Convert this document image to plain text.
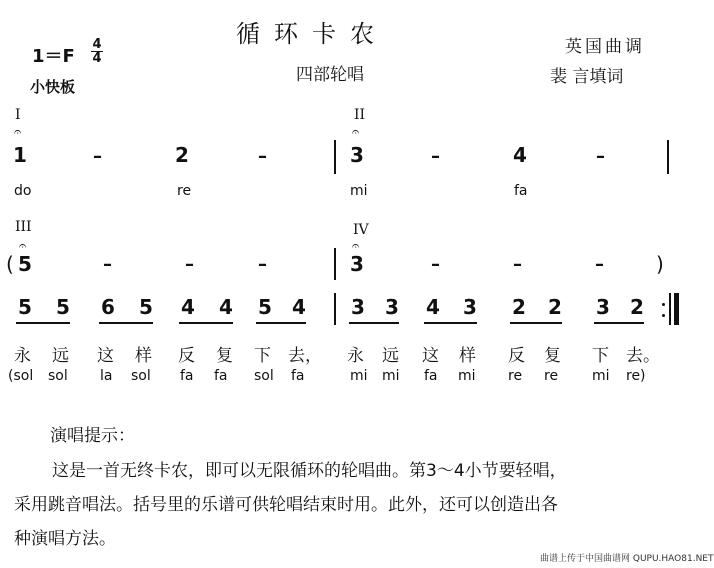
循环卡农
四部轮唱
英国曲调
裴 言填词
1＝F
4
4
小快板
I
𝄐
1	–	2	–
II
𝄐
3	–	4	–
do	re	mi	fa
III
𝄐
( 5	–	–	–
IV
𝄐
3	–	–	–	)
5 5 6 5 4 4 5 4 3 3 4 3 2 2 3 2
永 远 这 样 反 复 下 去， 永 远 这 样 反 复 下 去。
(sol sol la sol fa fa sol fa	mi mi fa mi re re mi re)
演唱提示：
这是一首无终卡农，即可以无限循环的轮唱曲。第3～4小节要轻唱，
采用跳音唱法。括号里的乐谱可供轮唱结束时用。此外，还可以创造出各
种演唱方法。
曲谱上传于中国曲谱网 QUPU.HAO81.NET
